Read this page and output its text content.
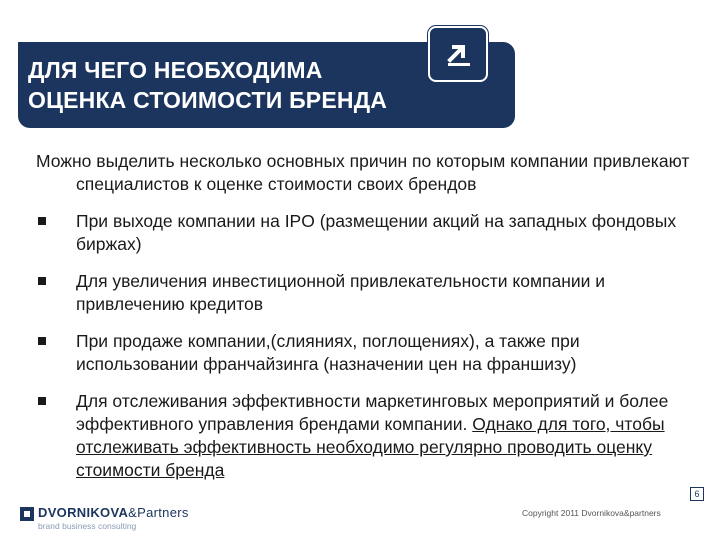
ДЛЯ ЧЕГО НЕОБХОДИМА
ОЦЕНКА СТОИМОСТИ БРЕНДА

Можно выделить несколько основных причин по которым компании привлекают специалистов к оценке стоимости своих брендов

При выходе компании на IPO (размещении акций на западных фондовых биржах)
Для увеличения инвестиционной привлекательности компании и привлечению кредитов
При продаже компании,(слияниях, поглощениях), а также при использовании франчайзинга (назначении цен на франшизу)
Для отслеживания эффективности маркетинговых мероприятий и более эффективного управления брендами компании. Однако для того, чтобы отслеживать эффективность необходимо регулярно проводить оценку стоимости бренда
DVORNIKOVA&Partners
brand business consulting
Copyright 2011 Dvornikova&partners
6
